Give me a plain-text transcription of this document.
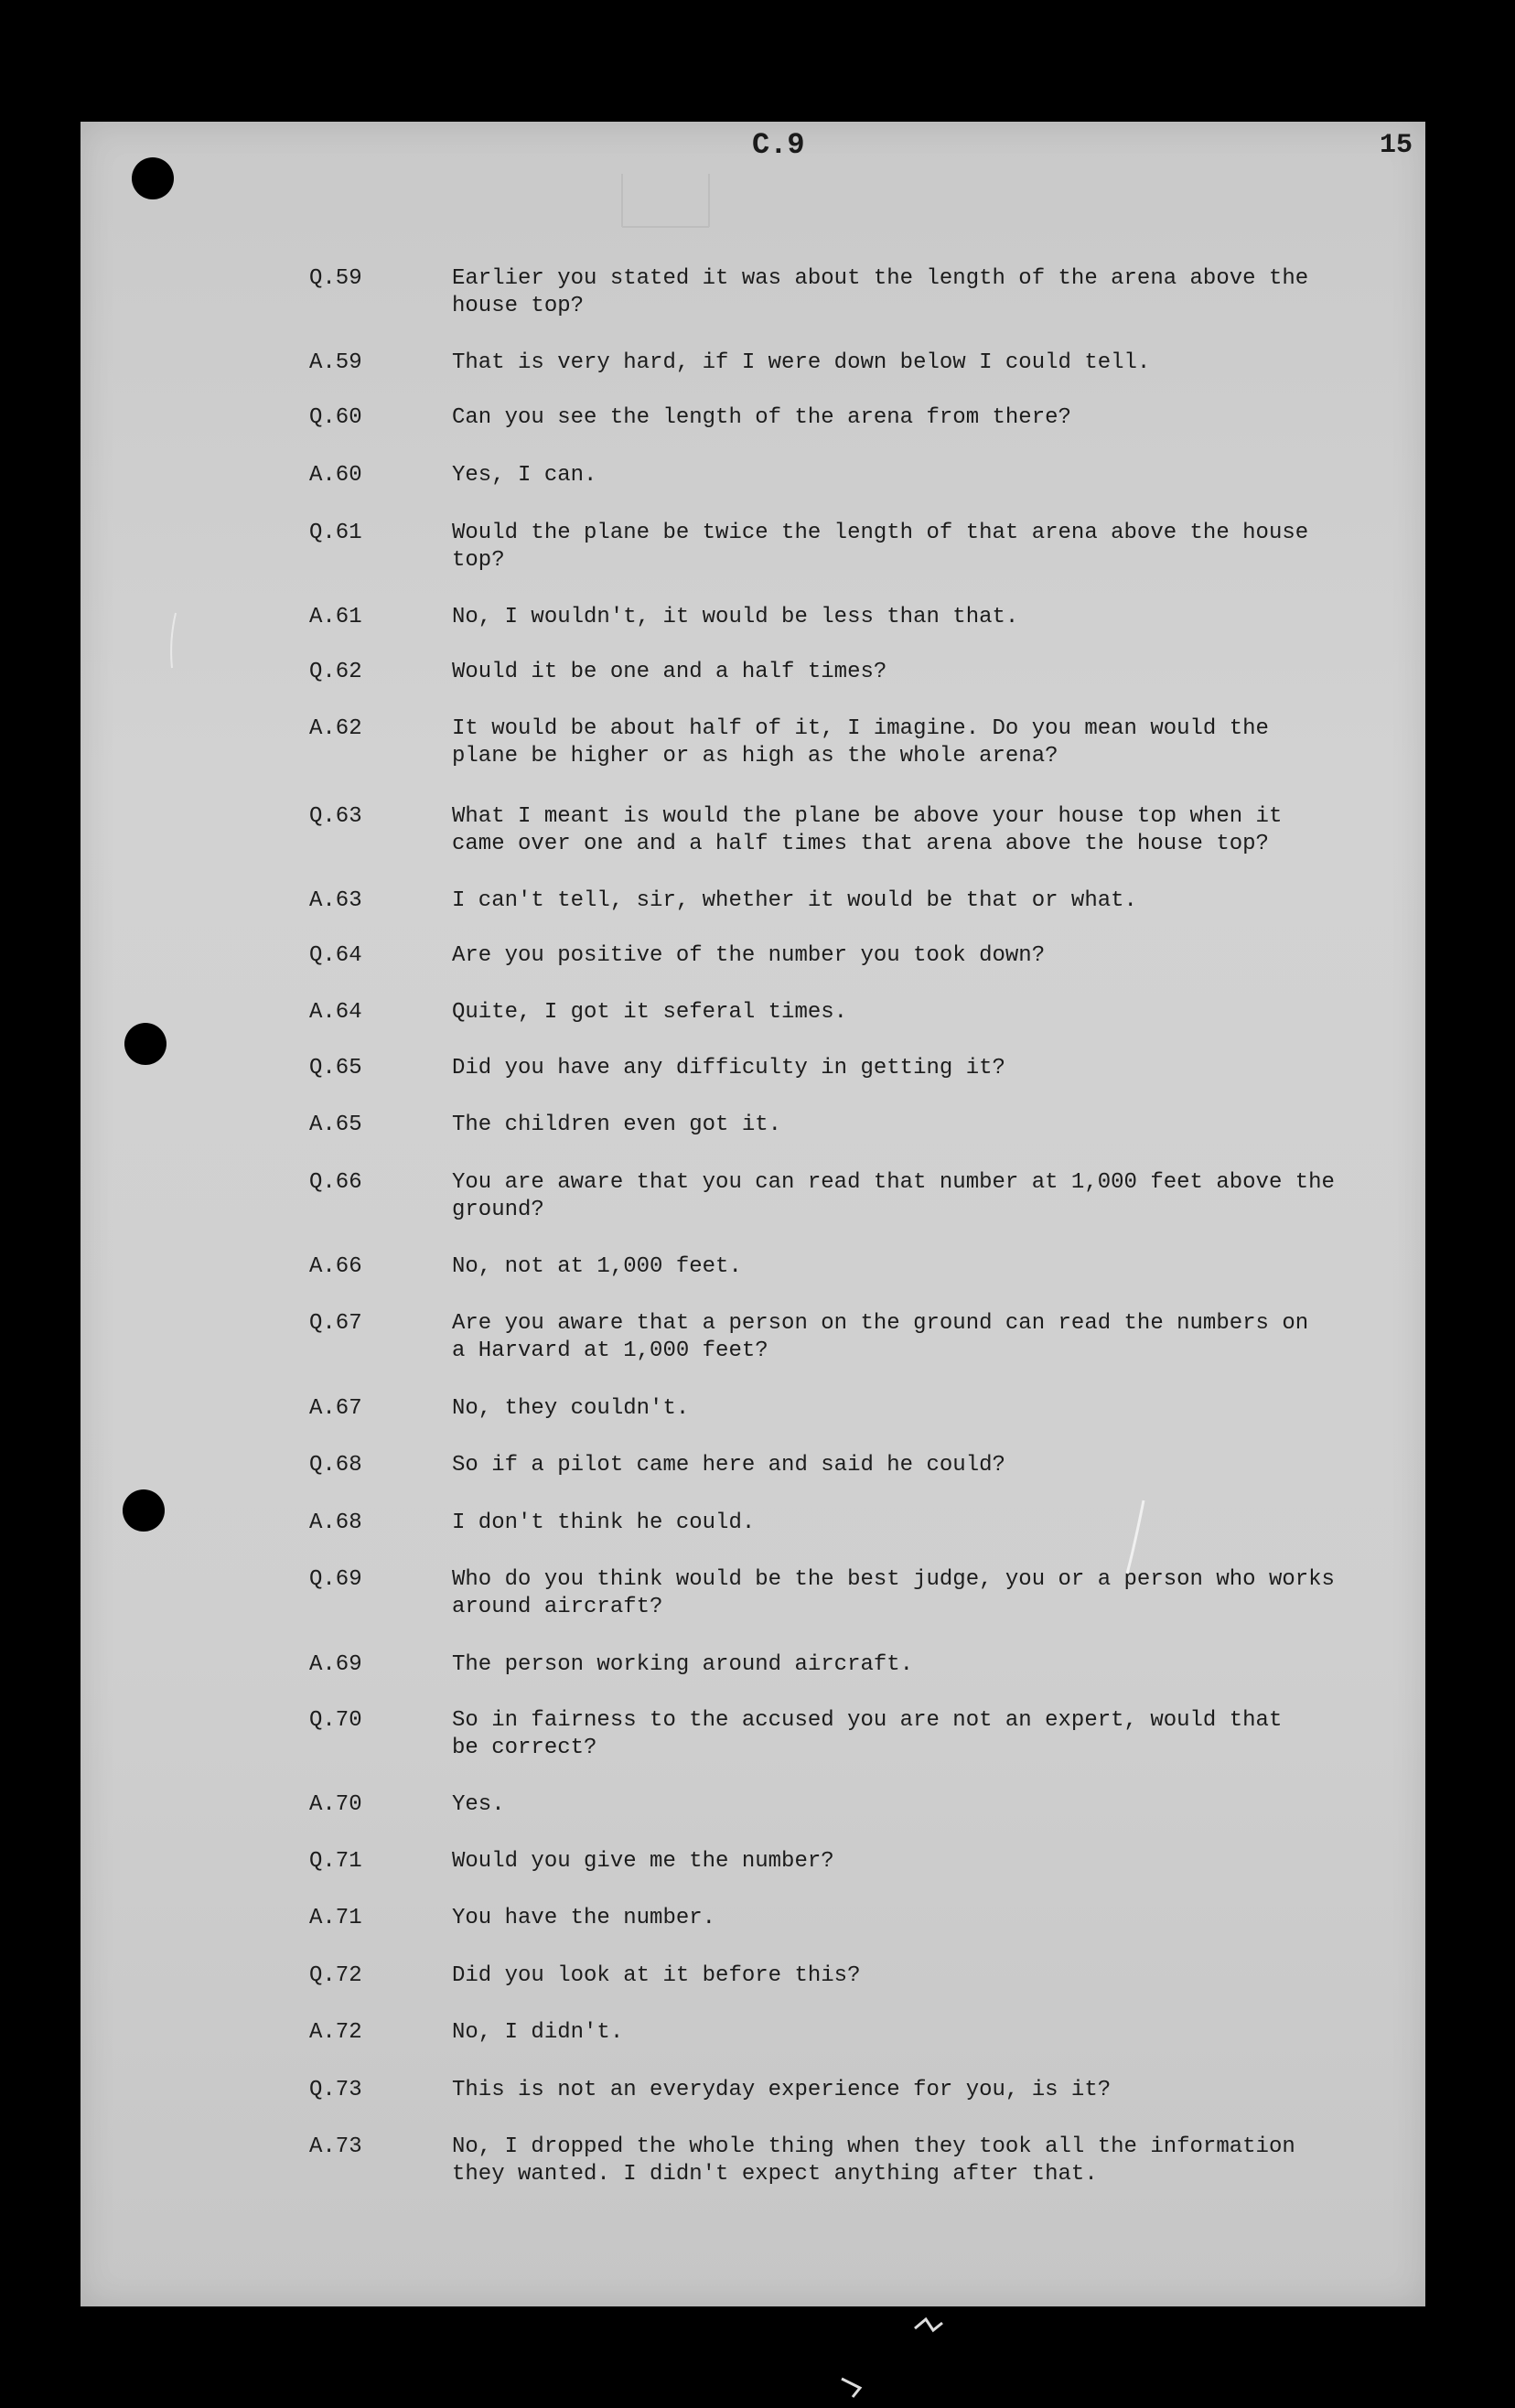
C.9	15
Q.59	Earlier you stated it was about the length of the arena above the
house top?
A.59	That is very hard, if I were down below I could tell.
Q.60	Can you see the length of the arena from there?
A.60	Yes, I can.
Q.61	Would the plane be twice the length of that arena above the house
top?
A.61	No, I wouldn't, it would be less than that.
Q.62	Would it be one and a half times?
A.62	It would be about half of it, I imagine. Do you mean would the
plane be higher or as high as the whole arena?
Q.63	What I meant is would the plane be above your house top when it
came over one and a half times that arena above the house top?
A.63	I can't tell, sir, whether it would be that or what.
Q.64	Are you positive of the number you took down?
A.64	Quite, I got it seferal times.
Q.65	Did you have any difficulty in getting it?
A.65	The children even got it.
Q.66	You are aware that you can read that number at 1,000 feet above the
ground?
A.66	No, not at 1,000 feet.
Q.67	Are you aware that a person on the ground can read the numbers on
a Harvard at 1,000 feet?
A.67	No, they couldn't.
Q.68	So if a pilot came here and said he could?
A.68	I don't think he could.
Q.69	Who do you think would be the best judge, you or a person who works
around aircraft?
A.69	The person working around aircraft.
Q.70	So in fairness to the accused you are not an expert, would that
be correct?
A.70	Yes.
Q.71	Would you give me the number?
A.71	You have the number.
Q.72	Did you look at it before this?
A.72	No, I didn't.
Q.73	This is not an everyday experience for you, is it?
A.73	No, I dropped the whole thing when they took all the information
they wanted. I didn't expect anything after that.
